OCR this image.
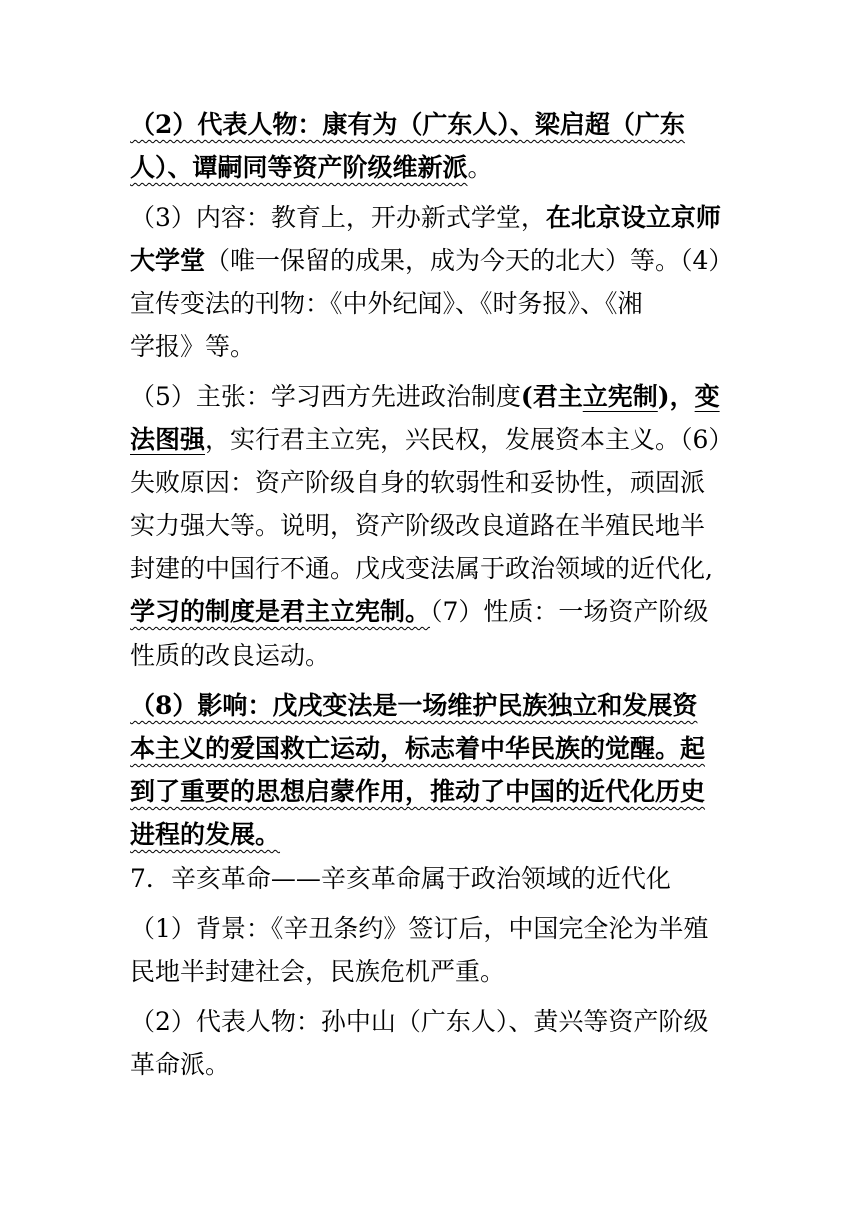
（2）代表人物：康有为（广东人）、梁启超（广东
人）、谭嗣同等资产阶级维新派。
（3）内容：教育上，开办新式学堂，在北京设立京师
大学堂（唯一保留的成果，成为今天的北大）等。（4）
宣传变法的刊物：《中外纪闻》、《时务报》、《湘
学报》等。
（5）主张：学习西方先进政治制度(君主立宪制)，变
法图强，实行君主立宪，兴民权，发展资本主义。（6）
失败原因：资产阶级自身的软弱性和妥协性，顽固派
实力强大等。说明，资产阶级改良道路在半殖民地半
封建的中国行不通。戊戌变法属于政治领域的近代化,
学习的制度是君主立宪制。（7）性质：一场资产阶级
性质的改良运动。
（8）影响：戊戌变法是一场维护民族独立和发展资
本主义的爱国救亡运动，标志着中华民族的觉醒。起
到了重要的思想启蒙作用，推动了中国的近代化历史
进程的发展。
7．辛亥革命——辛亥革命属于政治领域的近代化
（1）背景：《辛丑条约》签订后，中国完全沦为半殖
民地半封建社会，民族危机严重。
（2）代表人物：孙中山（广东人）、黄兴等资产阶级
革命派。
